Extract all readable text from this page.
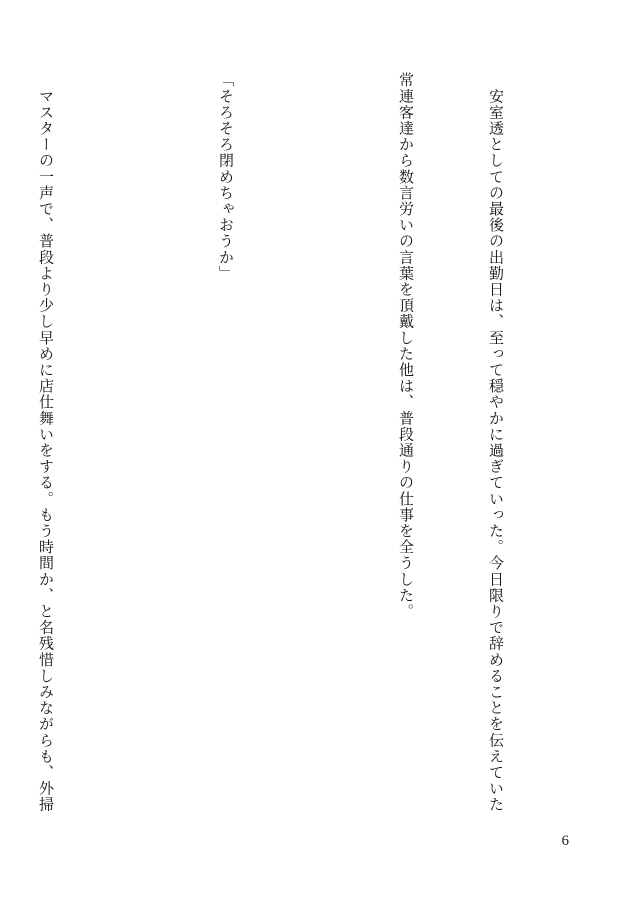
　安室透としての最後の出勤日は、至って穏やかに過ぎていった。今日限りで辞めることを伝えていた

常連客達から数言労いの言葉を頂戴した他は、普段通りの仕事を全うした。

「そろそろ閉めちゃおうか」

　マスターの一声で、普段より少し早めに店仕舞いをする。もう時間か、と名残惜しみながらも、外掃

6
